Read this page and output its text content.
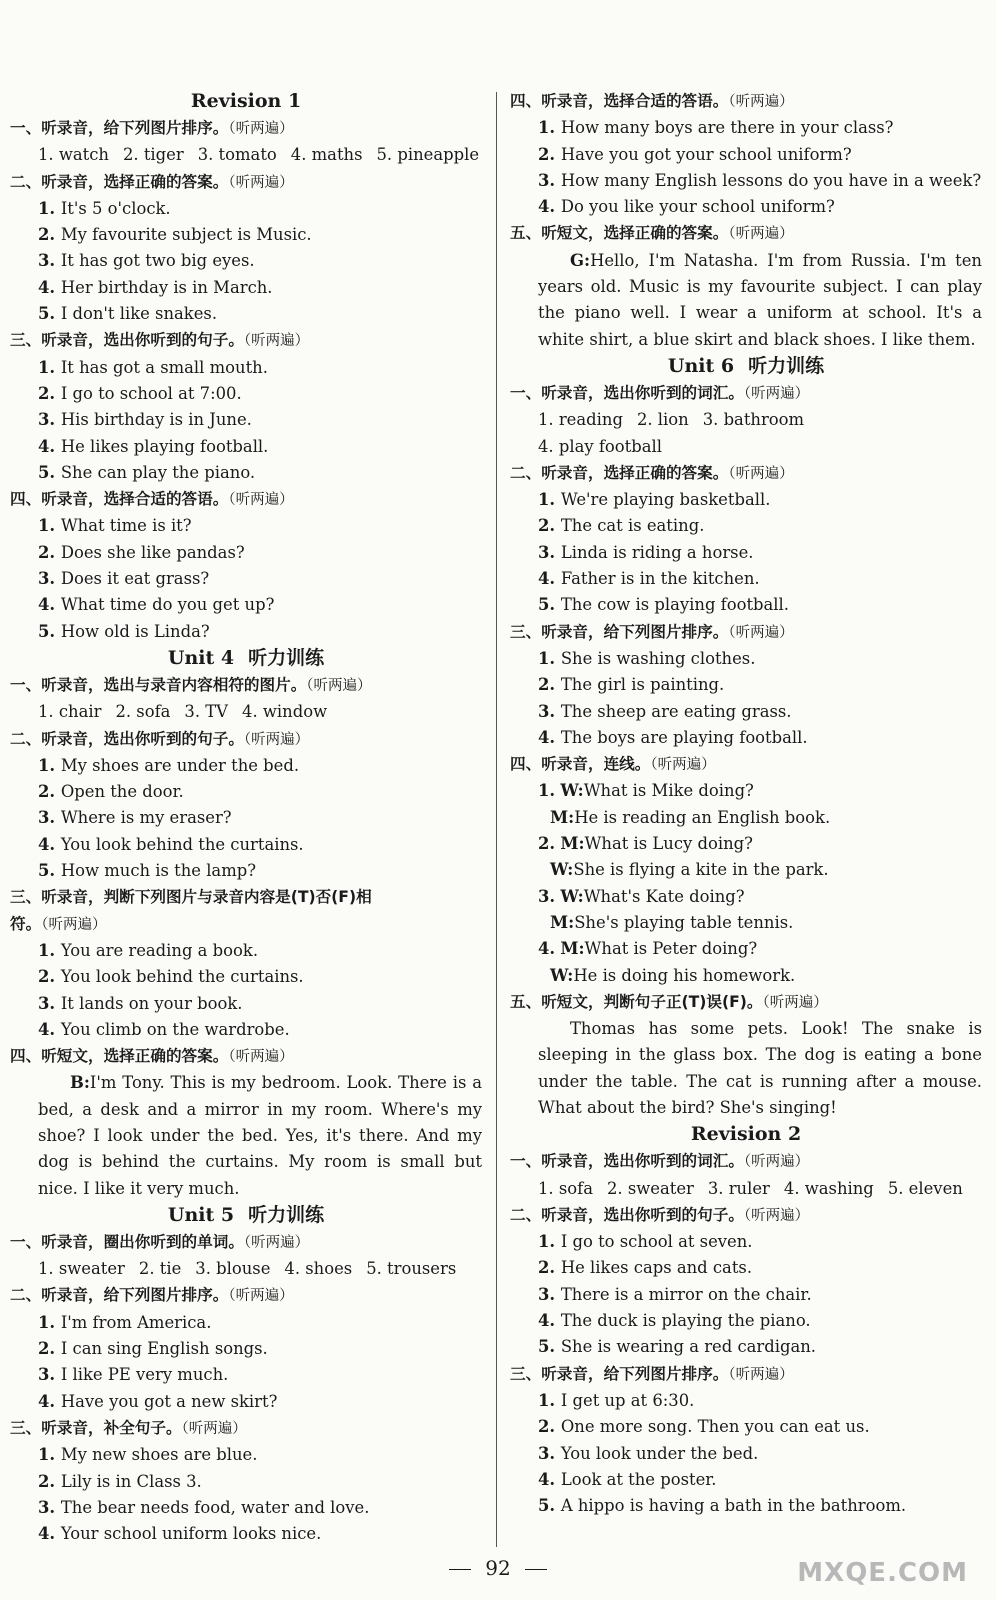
Revision 1

一、听录音，给下列图片排序。（听两遍）

1. watch 2. tiger 3. tomato 4. maths 5. pineapple

二、听录音，选择正确的答案。（听两遍）

1. It's 5 o'clock.

2. My favourite subject is Music.

3. It has got two big eyes.

4. Her birthday is in March.

5. I don't like snakes.

三、听录音，选出你听到的句子。（听两遍）

1. It has got a small mouth.

2. I go to school at 7:00.

3. His birthday is in June.

4. He likes playing football.

5. She can play the piano.

四、听录音，选择合适的答语。（听两遍）

1. What time is it?

2. Does she like pandas?

3. Does it eat grass?

4. What time do you get up?

5. How old is Linda?

Unit 4 听力训练

一、听录音，选出与录音内容相符的图片。（听两遍）

1. chair 2. sofa 3. TV 4. window

二、听录音，选出你听到的句子。（听两遍）

1. My shoes are under the bed.

2. Open the door.

3. Where is my eraser?

4. You look behind the curtains.

5. How much is the lamp?

三、听录音，判断下列图片与录音内容是(T)否(F)相

符。（听两遍）

1. You are reading a book.

2. You look behind the curtains.

3. It lands on your book.

4. You climb on the wardrobe.

四、听短文，选择正确的答案。（听两遍）

B:I'm Tony. This is my bedroom. Look. There is a bed, a desk and a mirror in my room. Where's my shoe? I look under the bed. Yes, it's there. And my dog is behind the curtains. My room is small but nice. I like it very much.

Unit 5 听力训练

一、听录音，圈出你听到的单词。（听两遍）

1. sweater 2. tie 3. blouse 4. shoes 5. trousers

二、听录音，给下列图片排序。（听两遍）

1. I'm from America.

2. I can sing English songs.

3. I like PE very much.

4. Have you got a new skirt?

三、听录音，补全句子。（听两遍）

1. My new shoes are blue.

2. Lily is in Class 3.

3. The bear needs food, water and love.

4. Your school uniform looks nice.

四、听录音，选择合适的答语。（听两遍）

1. How many boys are there in your class?

2. Have you got your school uniform?

3. How many English lessons do you have in a week?

4. Do you like your school uniform?

五、听短文，选择正确的答案。（听两遍）

G:Hello, I'm Natasha. I'm from Russia. I'm ten years old. Music is my favourite subject. I can play the piano well. I wear a uniform at school. It's a white shirt, a blue skirt and black shoes. I like them.

Unit 6 听力训练

一、听录音，选出你听到的词汇。（听两遍）

1. reading 2. lion 3. bathroom

4. play football

二、听录音，选择正确的答案。（听两遍）

1. We're playing basketball.

2. The cat is eating.

3. Linda is riding a horse.

4. Father is in the kitchen.

5. The cow is playing football.

三、听录音，给下列图片排序。（听两遍）

1. She is washing clothes.

2. The girl is painting.

3. The sheep are eating grass.

4. The boys are playing football.

四、听录音，连线。（听两遍）

1. W:What is Mike doing?

M:He is reading an English book.

2. M:What is Lucy doing?

W:She is flying a kite in the park.

3. W:What's Kate doing?

M:She's playing table tennis.

4. M:What is Peter doing?

W:He is doing his homework.

五、听短文，判断句子正(T)误(F)。（听两遍）

Thomas has some pets. Look! The snake is sleeping in the glass box. The dog is eating a bone under the table. The cat is running after a mouse. What about the bird? She's singing!

Revision 2

一、听录音，选出你听到的词汇。（听两遍）

1. sofa 2. sweater 3. ruler 4. washing 5. eleven

二、听录音，选出你听到的句子。（听两遍）

1. I go to school at seven.

2. He likes caps and cats.

3. There is a mirror on the chair.

4. The duck is playing the piano.

5. She is wearing a red cardigan.

三、听录音，给下列图片排序。（听两遍）

1. I get up at 6:30.

2. One more song. Then you can eat us.

3. You look under the bed.

4. Look at the poster.

5. A hippo is having a bath in the bathroom.

92	MXQE.COM
